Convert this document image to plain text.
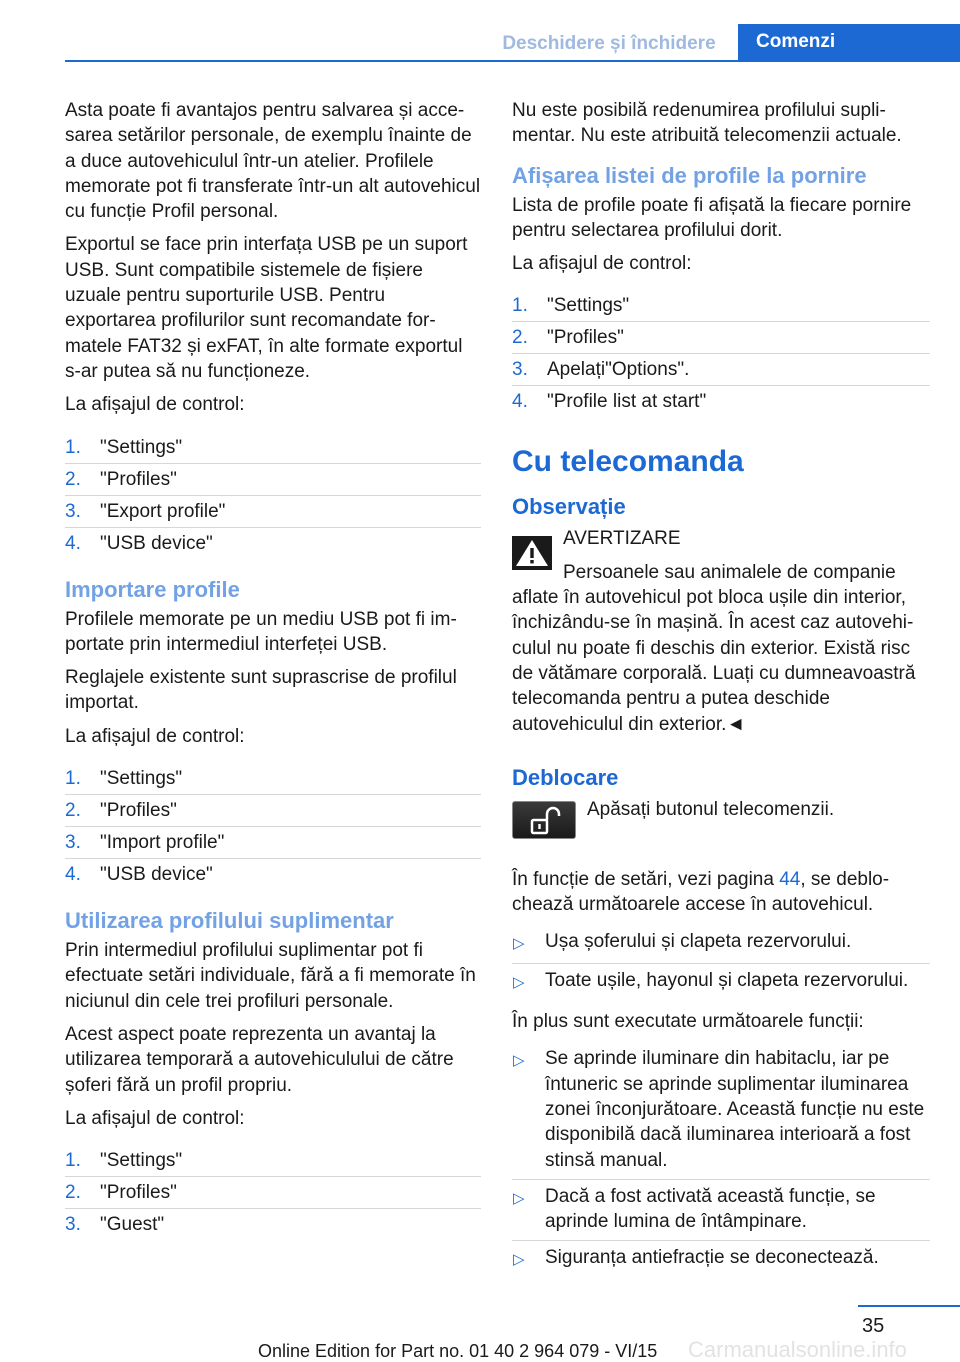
Deschidere și închidere	Comenzi

Asta poate fi avantajos pentru salvarea și accesarea setărilor personale, de exemplu înainte de a duce autovehiculul într-un atelier. Profilele memorate pot fi transferate într-un alt autovehicul cu funcție Profil personal.

Exportul se face prin interfața USB pe un suport USB. Sunt compatibile sistemele de fișiere uzuale pentru suporturile USB. Pentru exportarea profilurilor sunt recomandate formatele FAT32 și exFAT, în alte formate exportul s-ar putea să nu funcționeze.

La afișajul de control:

1.	"Settings"
2.	"Profiles"
3.	"Export profile"
4.	"USB device"
Importare profile

Profilele memorate pe un mediu USB pot fi importate prin intermediul interfeței USB.

Reglajele existente sunt suprascrise de profilul importat.

La afișajul de control:

1.	"Settings"
2.	"Profiles"
3.	"Import profile"
4.	"USB device"
Utilizarea profilului suplimentar

Prin intermediul profilului suplimentar pot fi efectuate setări individuale, fără a fi memorate în niciunul din cele trei profiluri personale.

Acest aspect poate reprezenta un avantaj la utilizarea temporară a autovehiculului de către șoferi fără un profil propriu.

La afișajul de control:

1.	"Settings"
2.	"Profiles"
3.	"Guest"

Nu este posibilă redenumirea profilului suplimentar. Nu este atribuită telecomenzii actuale.

Afișarea listei de profile la pornire

Lista de profile poate fi afișată la fiecare pornire pentru selectarea profilului dorit.

La afișajul de control:

1.	"Settings"
2.	"Profiles"
3.	Apelați"Options".
4.	"Profile list at start"
Cu telecomanda
Observație
AVERTIZARE
Persoanele sau animalele de companie

aflate în autovehicul pot bloca ușile din interior, închizându-se în mașină. În acest caz autovehiculul nu poate fi deschis din exterior. Există risc de vătămare corporală. Luați cu dumneavoastră telecomanda pentru a putea deschide autovehiculul din exterior.◄

Deblocare
Apăsați butonul telecomenzii.

În funcție de setări, vezi pagina 44, se deblochează următoarele accese în autovehicul.

▷	Ușa șoferului și clapeta rezervorului.
▷	Toate ușile, hayonul și clapeta rezervorului.

În plus sunt executate următoarele funcții:

▷	Se aprinde iluminare din habitaclu, iar pe întuneric se aprinde suplimentar iluminarea zonei înconjurătoare. Această funcție nu este disponibilă dacă iluminarea interioară a fost stinsă manual.
▷	Dacă a fost activată această funcție, se aprinde lumina de întâmpinare.
▷	Siguranța antiefracție se deconectează.
35
Online Edition for Part no. 01 40 2 964 079 - VI/15 Carmanualsonline.info
